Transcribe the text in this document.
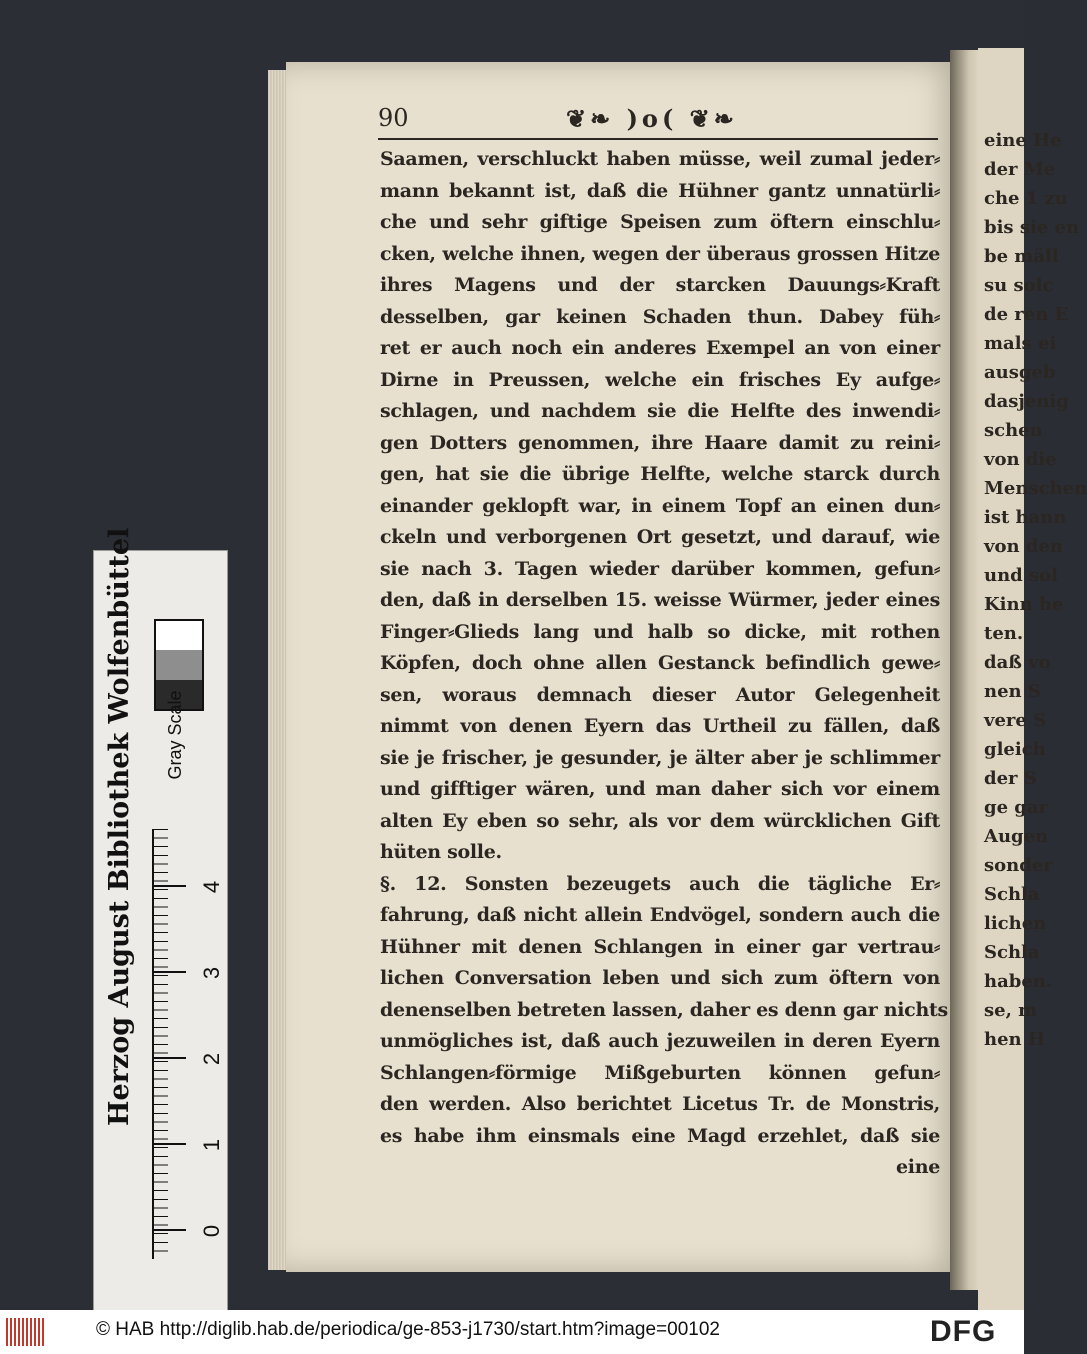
eine He
der Me
che 1 zu
bis sie en
be mäll
su solc
de ren E
mals ei
ausgeb
dasjenig
schen
von die
Menschen
ist hann
von den
und sol
Kinn he
ten.
daß vo
nen S
vere S
gleich
der S
ge gar
Augen
sonder
Schla
lichen
Schla
haben.
se, m
hen H
90	❦❧ )o( ❦❧
Saamen, verschluckt haben müsse, weil zumal jeder⸗
mann bekannt ist, daß die Hühner gantz unnatürli⸗
che und sehr giftige Speisen zum öftern einschlu⸗
cken, welche ihnen, wegen der überaus grossen Hitze
ihres Magens und der starcken Dauungs⸗Kraft
desselben, gar keinen Schaden thun. Dabey füh⸗
ret er auch noch ein anderes Exempel an von einer
Dirne in Preussen, welche ein frisches Ey aufge⸗
schlagen, und nachdem sie die Helfte des inwendi⸗
gen Dotters genommen, ihre Haare damit zu reini⸗
gen, hat sie die übrige Helfte, welche starck durch
einander geklopft war, in einem Topf an einen dun⸗
ckeln und verborgenen Ort gesetzt, und darauf, wie
sie nach 3. Tagen wieder darüber kommen, gefun⸗
den, daß in derselben 15. weisse Würmer, jeder eines
Finger⸗Glieds lang und halb so dicke, mit rothen
Köpfen, doch ohne allen Gestanck befindlich gewe⸗
sen, woraus demnach dieser Autor Gelegenheit
nimmt von denen Eyern das Urtheil zu fällen, daß
sie je frischer, je gesunder, je älter aber je schlimmer
und gifftiger wären, und man daher sich vor einem
alten Ey eben so sehr, als vor dem würcklichen Gift
hüten solle.
§. 12. Sonsten bezeugets auch die tägliche Er⸗
fahrung, daß nicht allein Endvögel, sondern auch die
Hühner mit denen Schlangen in einer gar vertrau⸗
lichen Conversation leben und sich zum öftern von
denenselben betreten lassen, daher es denn gar nichts
unmögliches ist, daß auch jezuweilen in deren Eyern
Schlangen⸗förmige Mißgeburten können gefun⸗
den werden. Also berichtet Licetus Tr. de Monstris,
es habe ihm einsmals eine Magd erzehlet, daß sie
eine
Herzog August Bibliothek Wolfenbüttel	Gray Scale
0
1
2
3
4
© HAB http://diglib.hab.de/periodica/ge-853-j1730/start.htm?image=00102	DFG
